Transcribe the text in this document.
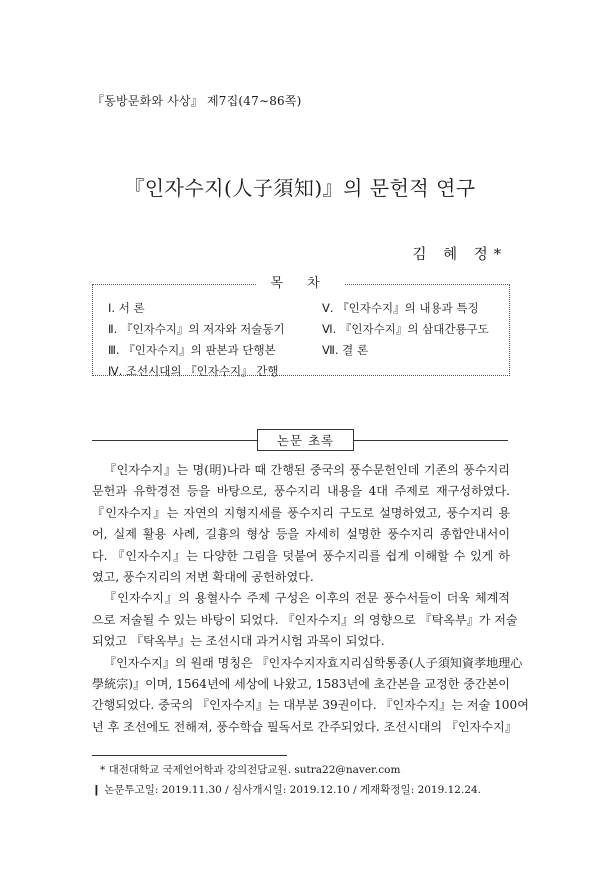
『동방문화와 사상』 제7집(47∼86쪽)
『인자수지(人子須知)』의 문헌적 연구
김 혜 정*
목 차
Ⅰ. 서 론
Ⅱ. 『인자수지』의 저자와 저술동기
Ⅲ. 『인자수지』의 판본과 단행본
Ⅳ. 조선시대의 『인자수지』 간행
Ⅴ. 『인자수지』의 내용과 특징
Ⅵ. 『인자수지』의 삼대간룡구도
Ⅶ. 결 론
논문 초록
『인자수지』는 명(明)나라 때 간행된 중국의 풍수문헌인데 기존의 풍수지리
문헌과 유학경전 등을 바탕으로, 풍수지리 내용을 4대 주제로 재구성하였다.
『인자수지』는 자연의 지형지세를 풍수지리 구도로 설명하였고, 풍수지리 용
어, 실제 활용 사례, 길흉의 형상 등을 자세히 설명한 풍수지리 종합안내서이
다. 『인자수지』는 다양한 그림을 덧붙여 풍수지리를 쉽게 이해할 수 있게 하
였고, 풍수지리의 저변 확대에 공헌하였다.
『인자수지』의 용혈사수 주제 구성은 이후의 전문 풍수서들이 더욱 체계적
으로 저술될 수 있는 바탕이 되었다. 『인자수지』의 영향으로 『탁옥부』가 저술
되었고 『탁옥부』는 조선시대 과거시험 과목이 되었다.
『인자수지』의 원래 명칭은 『인자수지자효지리심학통종(人子須知資孝地理心
學統宗)』이며, 1564년에 세상에 나왔고, 1583년에 초간본을 교정한 중간본이
간행되었다. 중국의 『인자수지』는 대부분 39권이다. 『인자수지』는 저술 100여
년 후 조선에도 전해져, 풍수학습 필독서로 간주되었다. 조선시대의 『인자수지』
* 대전대학교 국제언어학과 강의전담교원. sutra22@naver.com
❙ 논문투고일: 2019.11.30 / 심사개시일: 2019.12.10 / 게재확정일: 2019.12.24.
